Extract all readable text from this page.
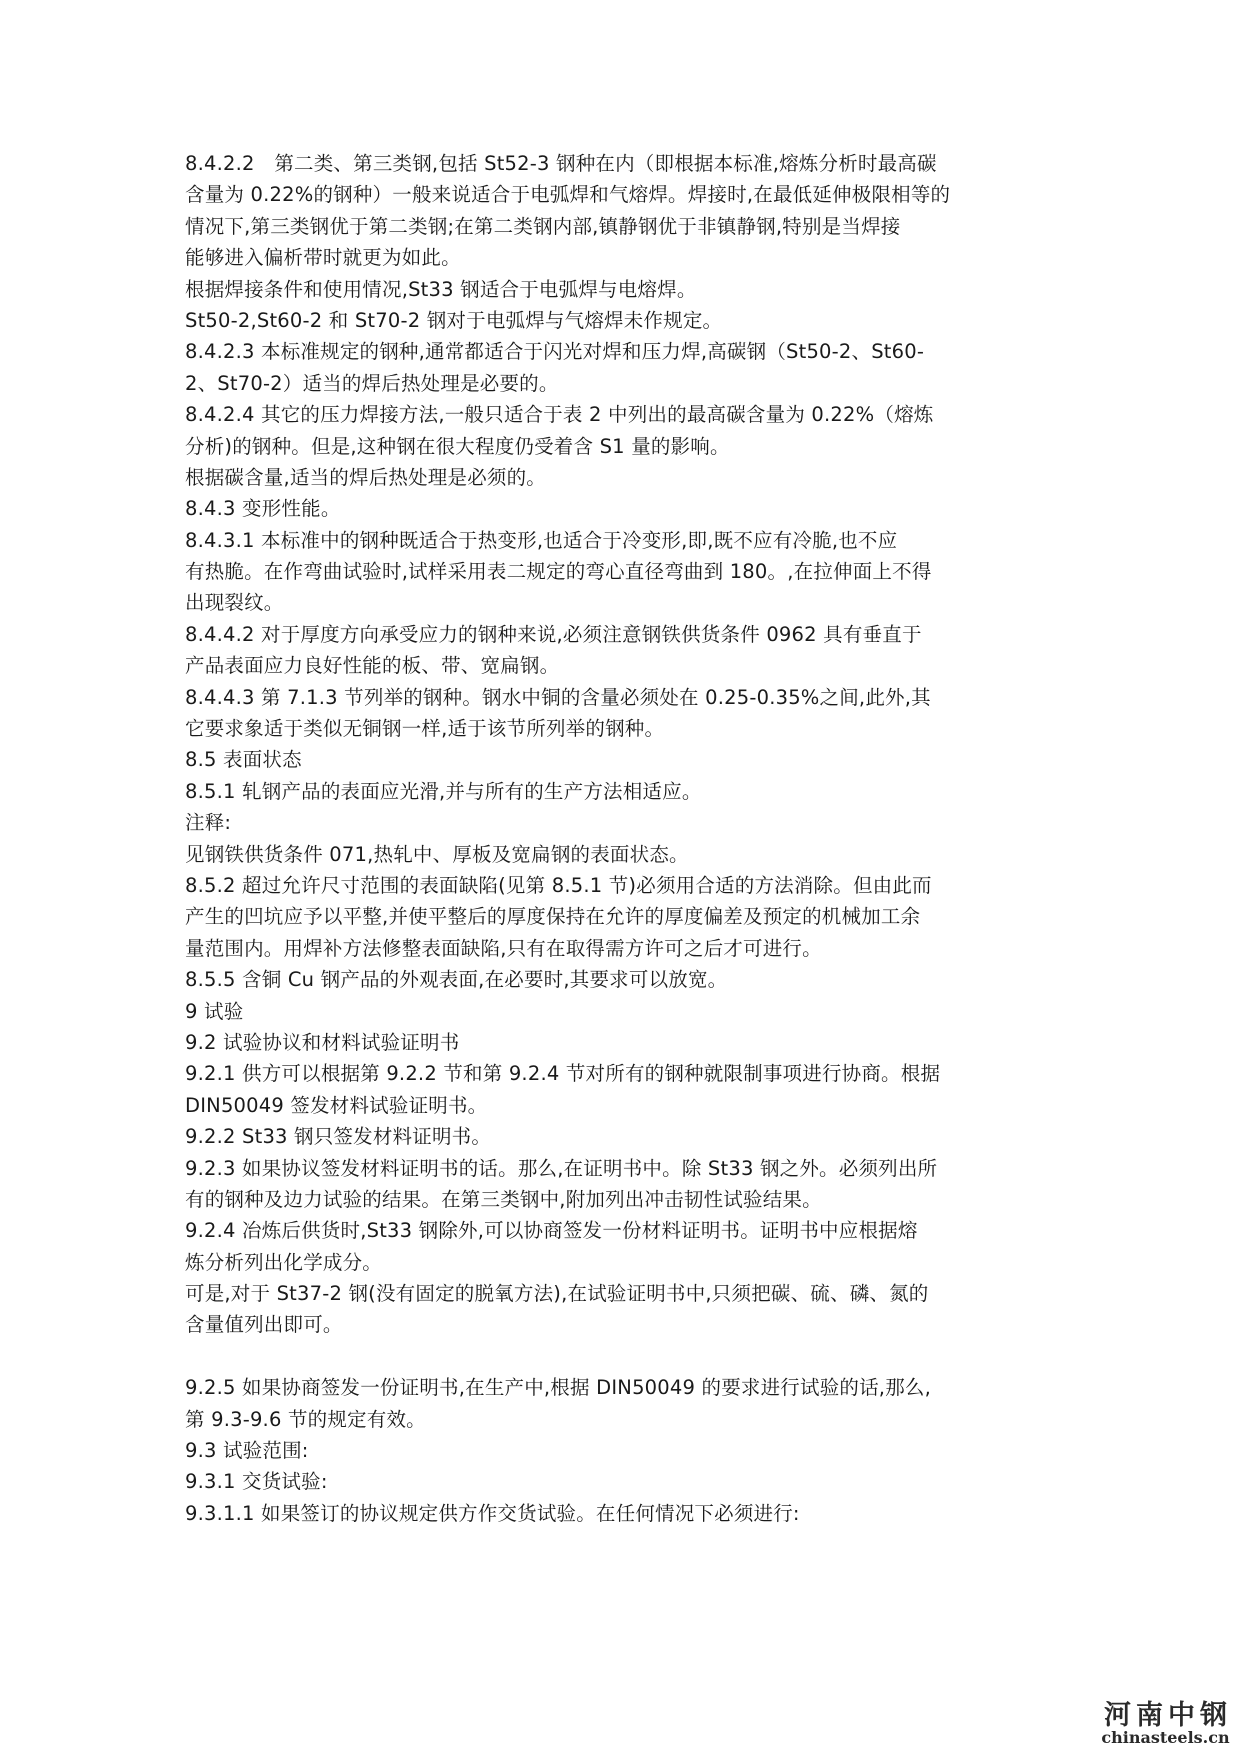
8.4.2.2　第二类、第三类钢,包括 St52-3 钢种在内（即根据本标准,熔炼分析时最高碳
含量为 0.22%的钢种）一般来说适合于电弧焊和气熔焊。焊接时,在最低延伸极限相等的
情况下,第三类钢优于第二类钢;在第二类钢内部,镇静钢优于非镇静钢,特别是当焊接
能够进入偏析带时就更为如此。
根据焊接条件和使用情况,St33 钢适合于电弧焊与电熔焊。
St50-2,St60-2 和 St70-2 钢对于电弧焊与气熔焊未作规定。
8.4.2.3 本标准规定的钢种,通常都适合于闪光对焊和压力焊,高碳钢（St50-2、St60-
2、St70-2）适当的焊后热处理是必要的。
8.4.2.4 其它的压力焊接方法,一般只适合于表 2 中列出的最高碳含量为 0.22%（熔炼
分析)的钢种。但是,这种钢在很大程度仍受着含 S1 量的影响。
根据碳含量,适当的焊后热处理是必须的。
8.4.3 变形性能。
8.4.3.1 本标准中的钢种既适合于热变形,也适合于冷变形,即,既不应有冷脆,也不应
有热脆。在作弯曲试验时,试样采用表二规定的弯心直径弯曲到 180。,在拉伸面上不得
出现裂纹。
8.4.4.2 对于厚度方向承受应力的钢种来说,必须注意钢铁供货条件 0962 具有垂直于
产品表面应力良好性能的板、带、宽扁钢。
8.4.4.3 第 7.1.3 节列举的钢种。钢水中铜的含量必须处在 0.25-0.35%之间,此外,其
它要求象适于类似无铜钢一样,适于该节所列举的钢种。
8.5 表面状态
8.5.1 轧钢产品的表面应光滑,并与所有的生产方法相适应。
注释:
见钢铁供货条件 071,热轧中、厚板及宽扁钢的表面状态。
8.5.2 超过允许尺寸范围的表面缺陷(见第 8.5.1 节)必须用合适的方法消除。但由此而
产生的凹坑应予以平整,并使平整后的厚度保持在允许的厚度偏差及预定的机械加工余
量范围内。用焊补方法修整表面缺陷,只有在取得需方许可之后才可进行。
8.5.5 含铜 Cu 钢产品的外观表面,在必要时,其要求可以放宽。
9 试验
9.2 试验协议和材料试验证明书
9.2.1 供方可以根据第 9.2.2 节和第 9.2.4 节对所有的钢种就限制事项进行协商。根据
DIN50049 签发材料试验证明书。
9.2.2 St33 钢只签发材料证明书。
9.2.3 如果协议签发材料证明书的话。那么,在证明书中。除 St33 钢之外。必须列出所
有的钢种及边力试验的结果。在第三类钢中,附加列出冲击韧性试验结果。
9.2.4 冶炼后供货时,St33 钢除外,可以协商签发一份材料证明书。证明书中应根据熔
炼分析列出化学成分。
可是,对于 St37-2 钢(没有固定的脱氧方法),在试验证明书中,只须把碳、硫、磷、氮的
含量值列出即可。
9.2.5 如果协商签发一份证明书,在生产中,根据 DIN50049 的要求进行试验的话,那么,
第 9.3-9.6 节的规定有效。
9.3 试验范围:
9.3.1 交货试验:
9.3.1.1 如果签订的协议规定供方作交货试验。在任何情况下必须进行:
河南中钢
chinasteels.cn
